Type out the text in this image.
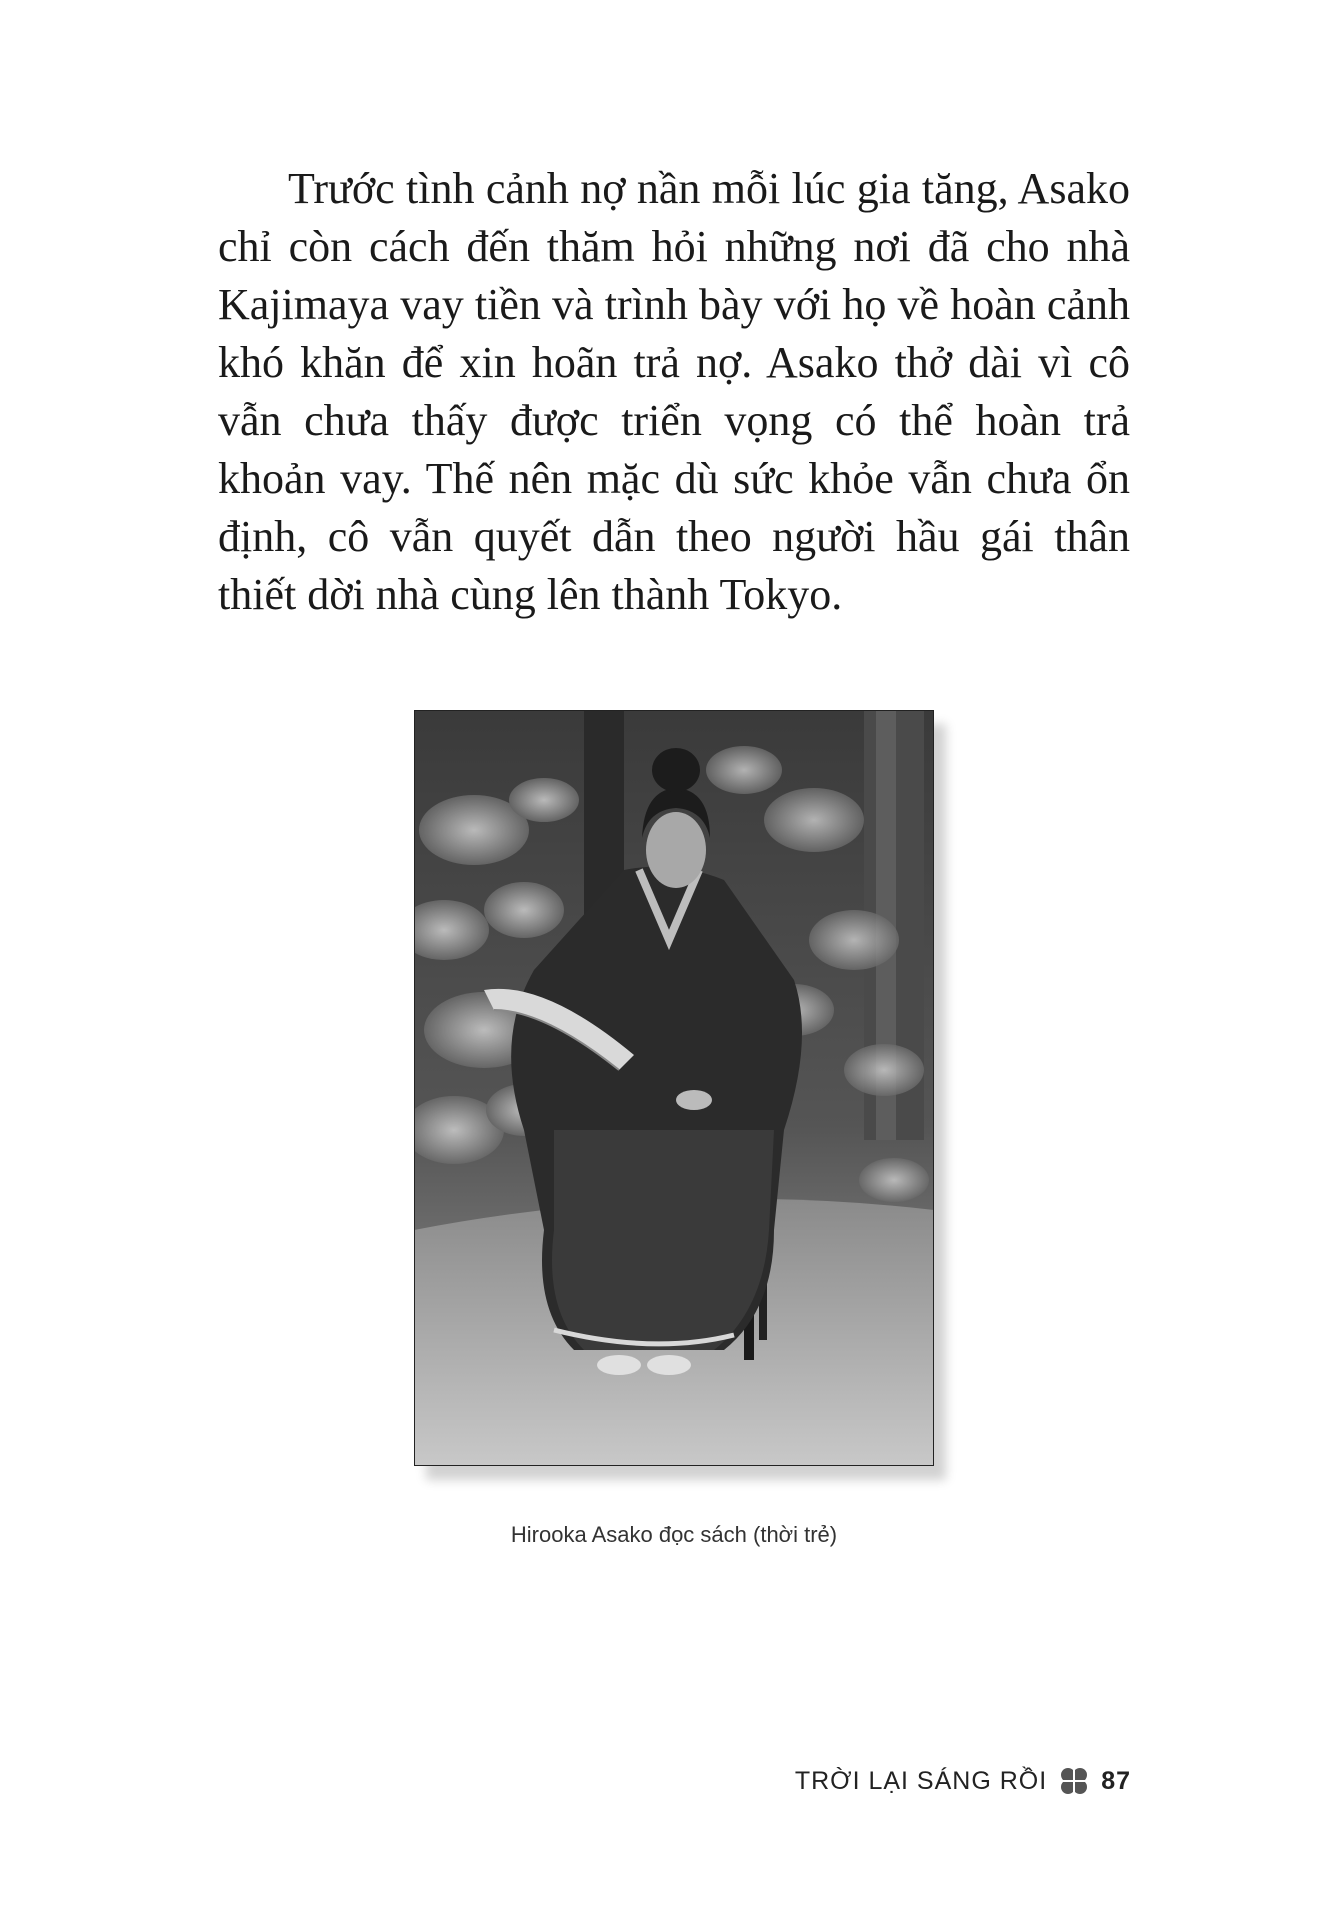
Trước tình cảnh nợ nần mỗi lúc gia tăng, Asako chỉ còn cách đến thăm hỏi những nơi đã cho nhà Kajimaya vay tiền và trình bày với họ về hoàn cảnh khó khăn để xin hoãn trả nợ. Asako thở dài vì cô vẫn chưa thấy được triển vọng có thể hoàn trả khoản vay. Thế nên mặc dù sức khỏe vẫn chưa ổn định, cô vẫn quyết dẫn theo người hầu gái thân thiết dời nhà cùng lên thành Tokyo.

Hirooka Asako đọc sách (thời trẻ)
TRỜI LẠI SÁNG RỒI 87
